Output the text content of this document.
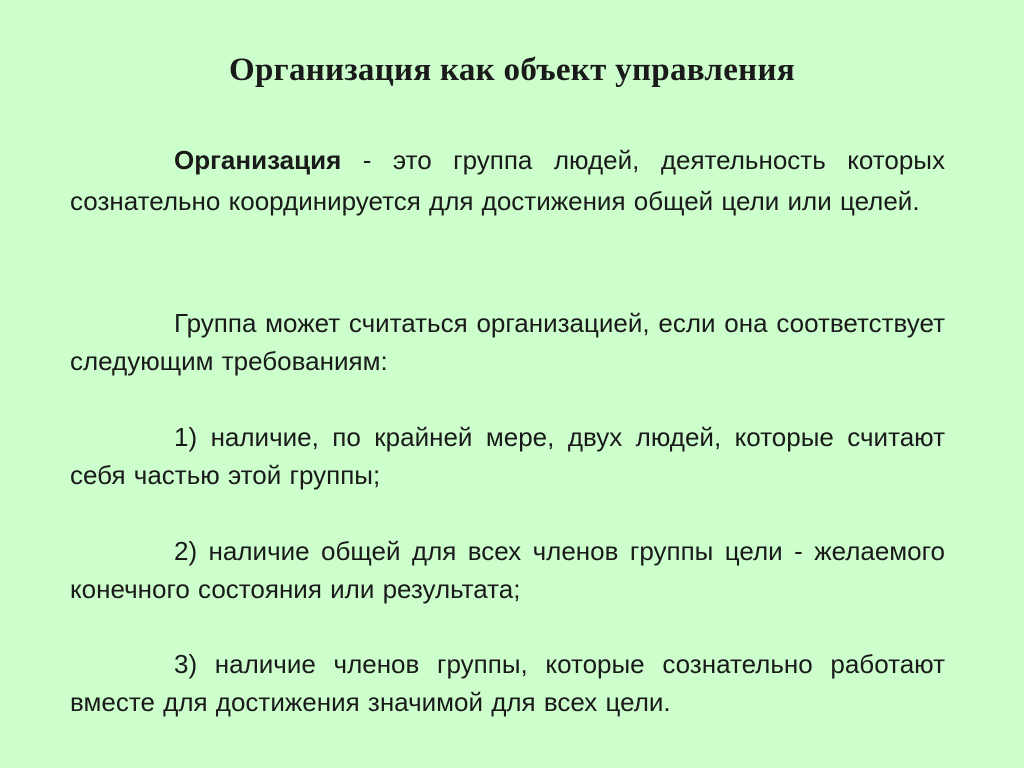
Организация как объект управления

Организация - это группа людей, деятельность которых сознательно координируется для достижения общей цели или целей.

Группа может считаться организацией, если она соответствует следующим требованиям:

1) наличие, по крайней мере, двух людей, которые считают себя частью этой группы;

2) наличие общей для всех членов группы цели - желаемого конечного состояния или результата;

3) наличие членов группы, которые сознательно работают вместе для достижения значимой для всех цели.
